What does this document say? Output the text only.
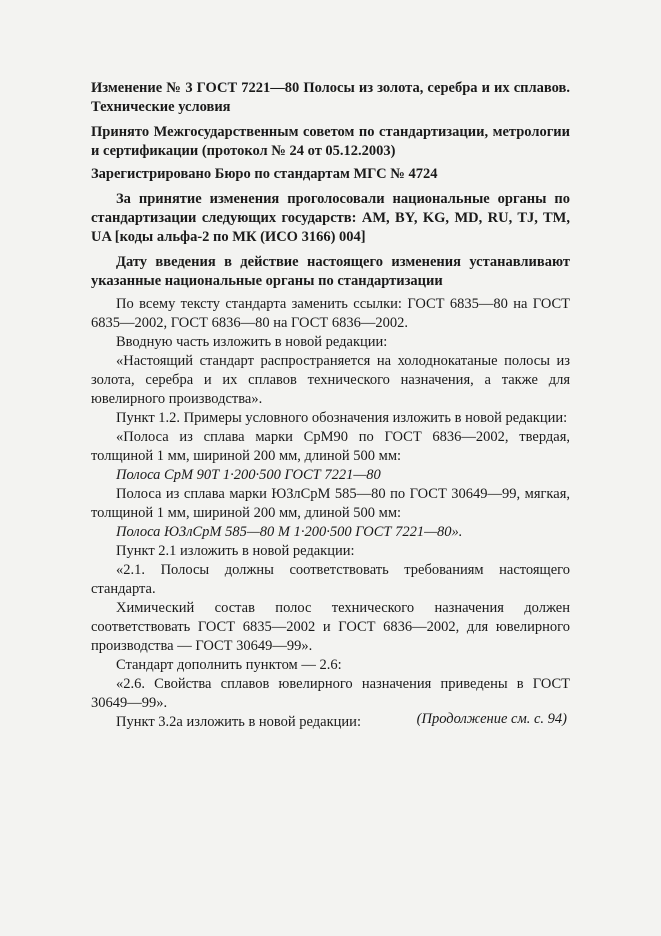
Изменение № 3 ГОСТ 7221—80 Полосы из золота, серебра и их сплавов. Технические условия

Принято Межгосударственным советом по стандартизации, метрологии и сертификации (протокол № 24 от 05.12.2003)

Зарегистрировано Бюро по стандартам МГС № 4724

За принятие изменения проголосовали национальные органы по стандартизации следующих государств: AM, BY, KG, MD, RU, TJ, TM, UA [коды альфа-2 по МК (ИСО 3166) 004]

Дату введения в действие настоящего изменения устанавливают указанные национальные органы по стандартизации

По всему тексту стандарта заменить ссылки: ГОСТ 6835—80 на ГОСТ 6835—2002, ГОСТ 6836—80 на ГОСТ 6836—2002.

Вводную часть изложить в новой редакции:

«Настоящий стандарт распространяется на холоднокатаные полосы из золота, серебра и их сплавов технического назначения, а также для ювелирного производства».

Пункт 1.2. Примеры условного обозначения изложить в новой редакции:

«Полоса из сплава марки СрМ90 по ГОСТ 6836—2002, твердая, толщиной 1 мм, шириной 200 мм, длиной 500 мм:

Полоса СрМ 90Т 1·200·500 ГОСТ 7221—80

Полоса из сплава марки ЮЗлСрМ 585—80 по ГОСТ 30649—99, мягкая, толщиной 1 мм, шириной 200 мм, длиной 500 мм:

Полоса ЮЗлСрМ 585—80 М 1·200·500 ГОСТ 7221—80».

Пункт 2.1 изложить в новой редакции:

«2.1. Полосы должны соответствовать требованиям настоящего стандарта.

Химический состав полос технического назначения должен соответствовать ГОСТ 6835—2002 и ГОСТ 6836—2002, для ювелирного производства — ГОСТ 30649—99».

Стандарт дополнить пунктом — 2.6:

«2.6. Свойства сплавов ювелирного назначения приведены в ГОСТ 30649—99».

Пункт 3.2а изложить в новой редакции:	(Продолжение см. с. 94)
